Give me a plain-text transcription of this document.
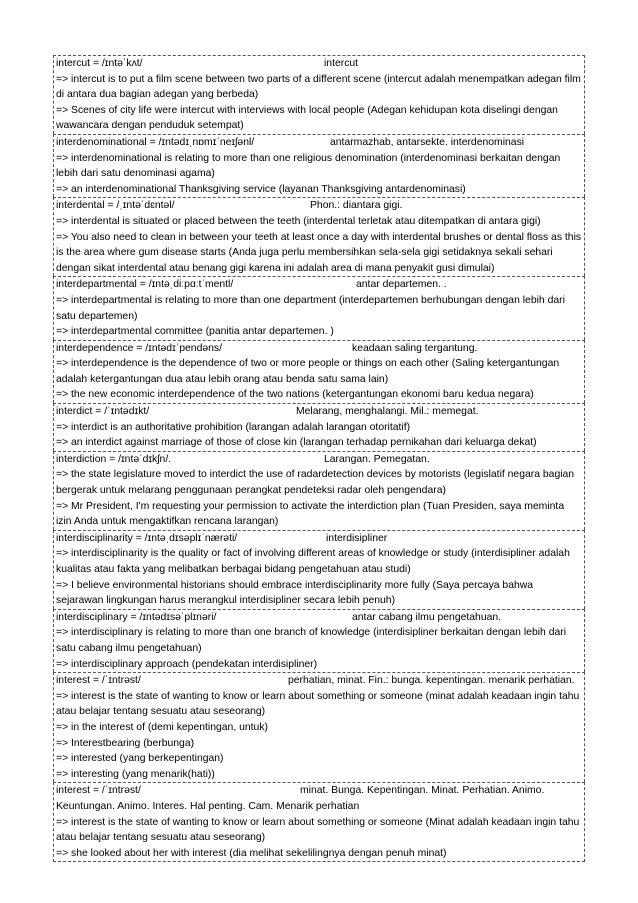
intercut = /ɪntəˈkʌt/	intercut
=> intercut is to put a film scene between two parts of a different scene (intercut adalah menempatkan adegan film di antara dua bagian adegan yang berbeda)
=> Scenes of city life were intercut with interviews with local people (Adegan kehidupan kota diselingi dengan wawancara dengan penduduk setempat)
interdenominational = /ɪntədɪˌnɒmɪˈneɪʃənl/	antarmazhab, antarsekte. interdenominasi
=> interdenominational is relating to more than one religious denomination (interdenominasi berkaitan dengan lebih dari satu denominasi agama)
=> an interdenominational Thanksgiving service (layanan Thanksgiving antardenominasi)
interdental = /ˌɪntəˈdɛntəl/	Phon.: diantara gigi.
=> interdental is situated or placed between the teeth (interdental terletak atau ditempatkan di antara gigi)
=> You also need to clean in between your teeth at least once a day with interdental brushes or dental floss as this is the area where gum disease starts (Anda juga perlu membersihkan sela-sela gigi setidaknya sekali sehari dengan sikat interdental atau benang gigi karena ini adalah area di mana penyakit gusi dimulai)
interdepartmental = /ɪntəˌdiːpɑːtˈmentl/	antar departemen. .
=> interdepartmental is relating to more than one department (interdepartemen berhubungan dengan lebih dari satu departemen)
=> interdepartmental committee (panitia antar departemen. )
interdependence = /ɪntədɪˈpendəns/	keadaan saling tergantung.
=> interdependence is the dependence of two or more people or things on each other (Saling ketergantungan adalah ketergantungan dua atau lebih orang atau benda satu sama lain)
=> the new economic interdependence of the two nations (ketergantungan ekonomi baru kedua negara)
interdict = /ˈɪntədɪkt/	Melarang, menghalangi. Mil.: memegat.
=> interdict is an authoritative prohibition (larangan adalah larangan otoritatif)
=> an interdict against marriage of those of close kin (larangan terhadap pernikahan dari keluarga dekat)
interdiction = /ɪntəˈdɪkʃn/.	Larangan. Pemegatan.
=> the state legislature moved to interdict the use of radardetection devices by motorists (legislatif negara bagian bergerak untuk melarang penggunaan perangkat pendeteksi radar oleh pengendara)
=> Mr President, I'm requesting your permission to activate the interdiction plan (Tuan Presiden, saya meminta izin Anda untuk mengaktifkan rencana larangan)
interdisciplinarity = /ɪntəˌdɪsəplɪˈnærəti/	interdisipliner
=> interdisciplinarity is the quality or fact of involving different areas of knowledge or study (interdisipliner adalah kualitas atau fakta yang melibatkan berbagai bidang pengetahuan atau studi)
=> I believe environmental historians should embrace interdisciplinarity more fully (Saya percaya bahwa sejarawan lingkungan harus merangkul interdisipliner secara lebih penuh)
interdisciplinary = /ɪntədɪsəˈplɪnəri/	antar cabang ilmu pengetahuan.
=> interdisciplinary is relating to more than one branch of knowledge (interdisipliner berkaitan dengan lebih dari satu cabang ilmu pengetahuan)
=> interdisciplinary approach (pendekatan interdisipliner)
interest = /ˈɪntrəst/	perhatian, minat. Fin.: bunga. kepentingan. menarik perhatian.
=> interest is the state of wanting to know or learn about something or someone (minat adalah keadaan ingin tahu atau belajar tentang sesuatu atau seseorang)
=> in the interest of (demi kepentingan, untuk)
=> Interestbearing (berbunga)
=> interested (yang berkepentingan)
=> interesting (yang menarik(hati))
interest = /ˈɪntrəst/	minat. Bunga. Kepentingan. Minat. Perhatian. Animo.
Keuntungan. Animo. Interes. Hal penting. Cam. Menarik perhatian
=> interest is the state of wanting to know or learn about something or someone (Minat adalah keadaan ingin tahu atau belajar tentang sesuatu atau seseorang)
=> she looked about her with interest (dia melihat sekelilingnya dengan penuh minat)
